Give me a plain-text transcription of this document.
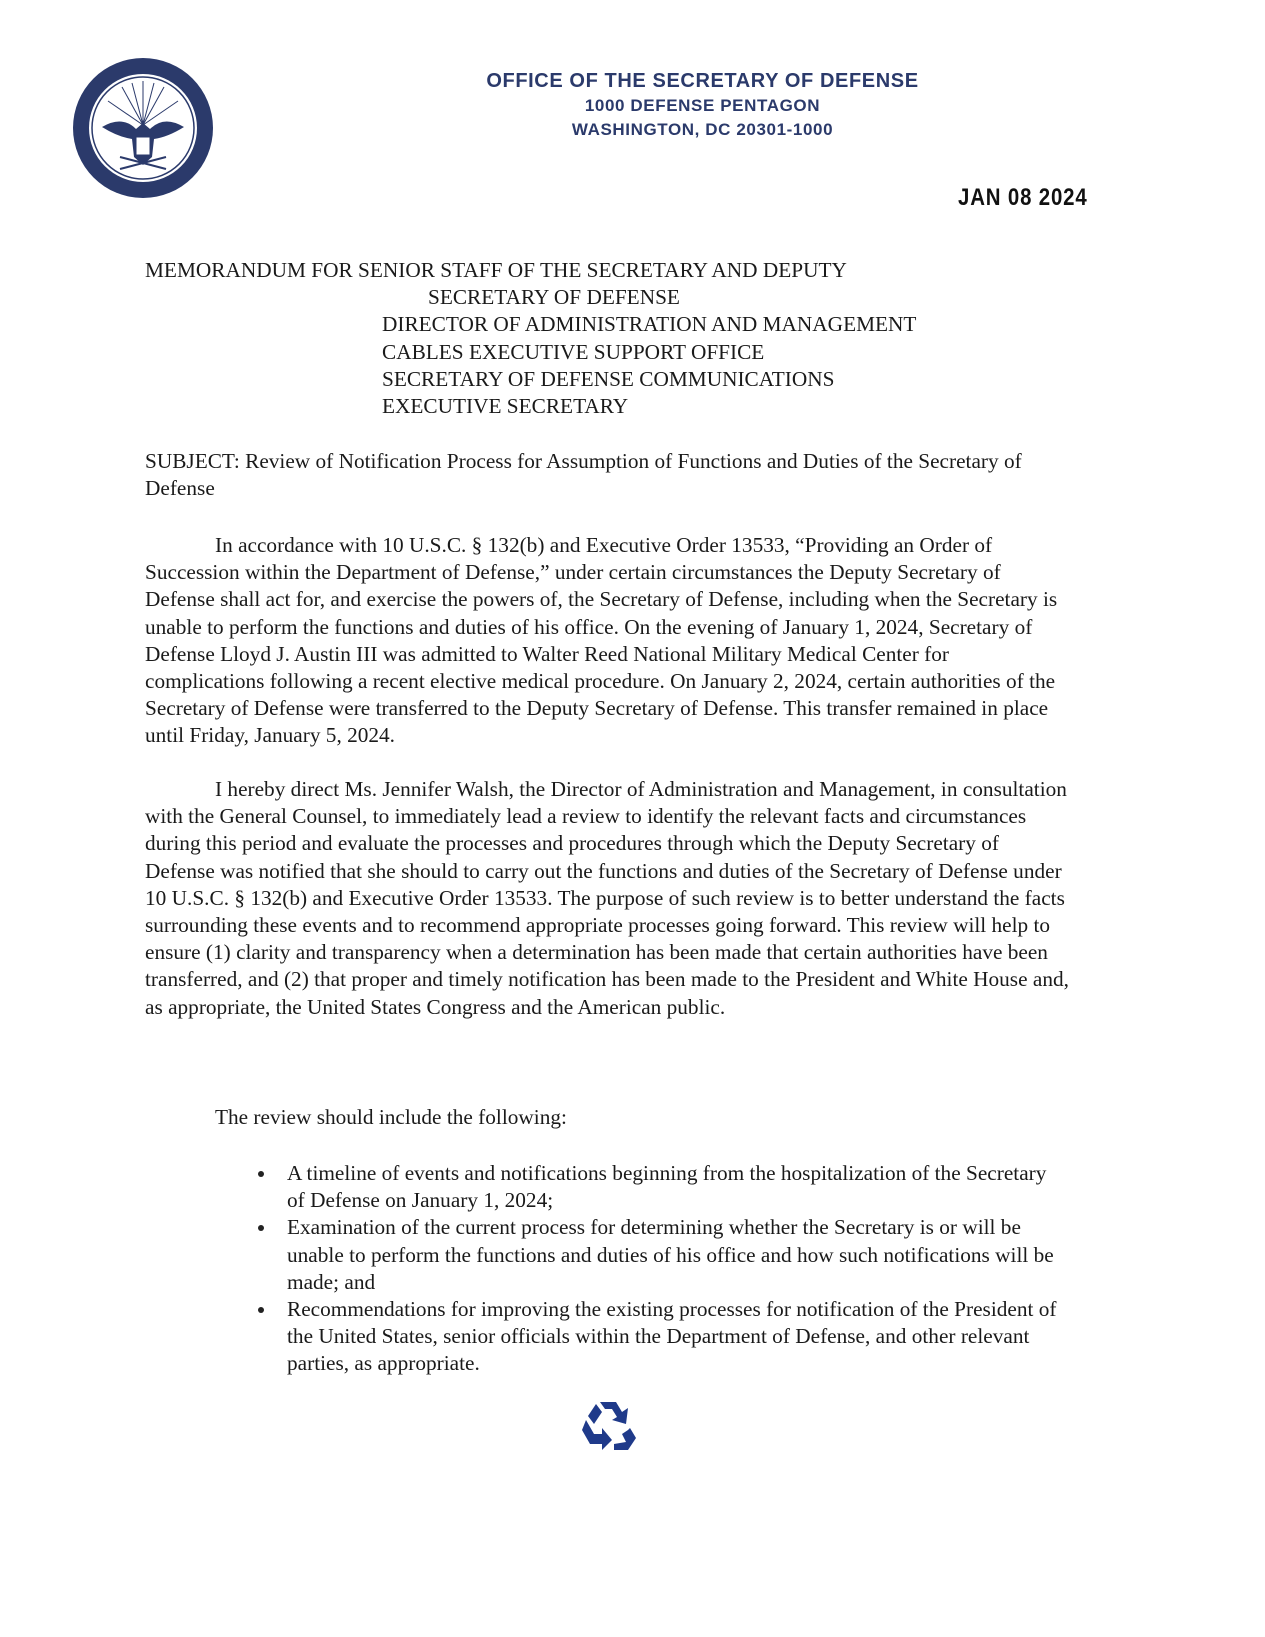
OFFICE OF THE SECRETARY OF DEFENSE
1000 DEFENSE PENTAGON
WASHINGTON, DC 20301-1000
JAN 08 2024
MEMORANDUM FOR SENIOR STAFF OF THE SECRETARY AND DEPUTY
SECRETARY OF DEFENSE
DIRECTOR OF ADMINISTRATION AND MANAGEMENT
CABLES EXECUTIVE SUPPORT OFFICE
SECRETARY OF DEFENSE COMMUNICATIONS
EXECUTIVE SECRETARY
SUBJECT: Review of Notification Process for Assumption of Functions and Duties of the Secretary of Defense

In accordance with 10 U.S.C. § 132(b) and Executive Order 13533, “Providing an Order of Succession within the Department of Defense,” under certain circumstances the Deputy Secretary of Defense shall act for, and exercise the powers of, the Secretary of Defense, including when the Secretary is unable to perform the functions and duties of his office. On the evening of January 1, 2024, Secretary of Defense Lloyd J. Austin III was admitted to Walter Reed National Military Medical Center for complications following a recent elective medical procedure. On January 2, 2024, certain authorities of the Secretary of Defense were transferred to the Deputy Secretary of Defense. This transfer remained in place until Friday, January 5, 2024.

I hereby direct Ms. Jennifer Walsh, the Director of Administration and Management, in consultation with the General Counsel, to immediately lead a review to identify the relevant facts and circumstances during this period and evaluate the processes and procedures through which the Deputy Secretary of Defense was notified that she should to carry out the functions and duties of the Secretary of Defense under 10 U.S.C. § 132(b) and Executive Order 13533. The purpose of such review is to better understand the facts surrounding these events and to recommend appropriate processes going forward. This review will help to ensure (1) clarity and transparency when a determination has been made that certain authorities have been transferred, and (2) that proper and timely notification has been made to the President and White House and, as appropriate, the United States Congress and the American public.

The review should include the following:

A timeline of events and notifications beginning from the hospitalization of the Secretary of Defense on January 1, 2024;
Examination of the current process for determining whether the Secretary is or will be unable to perform the functions and duties of his office and how such notifications will be made; and
Recommendations for improving the existing processes for notification of the President of the United States, senior officials within the Department of Defense, and other relevant parties, as appropriate.
